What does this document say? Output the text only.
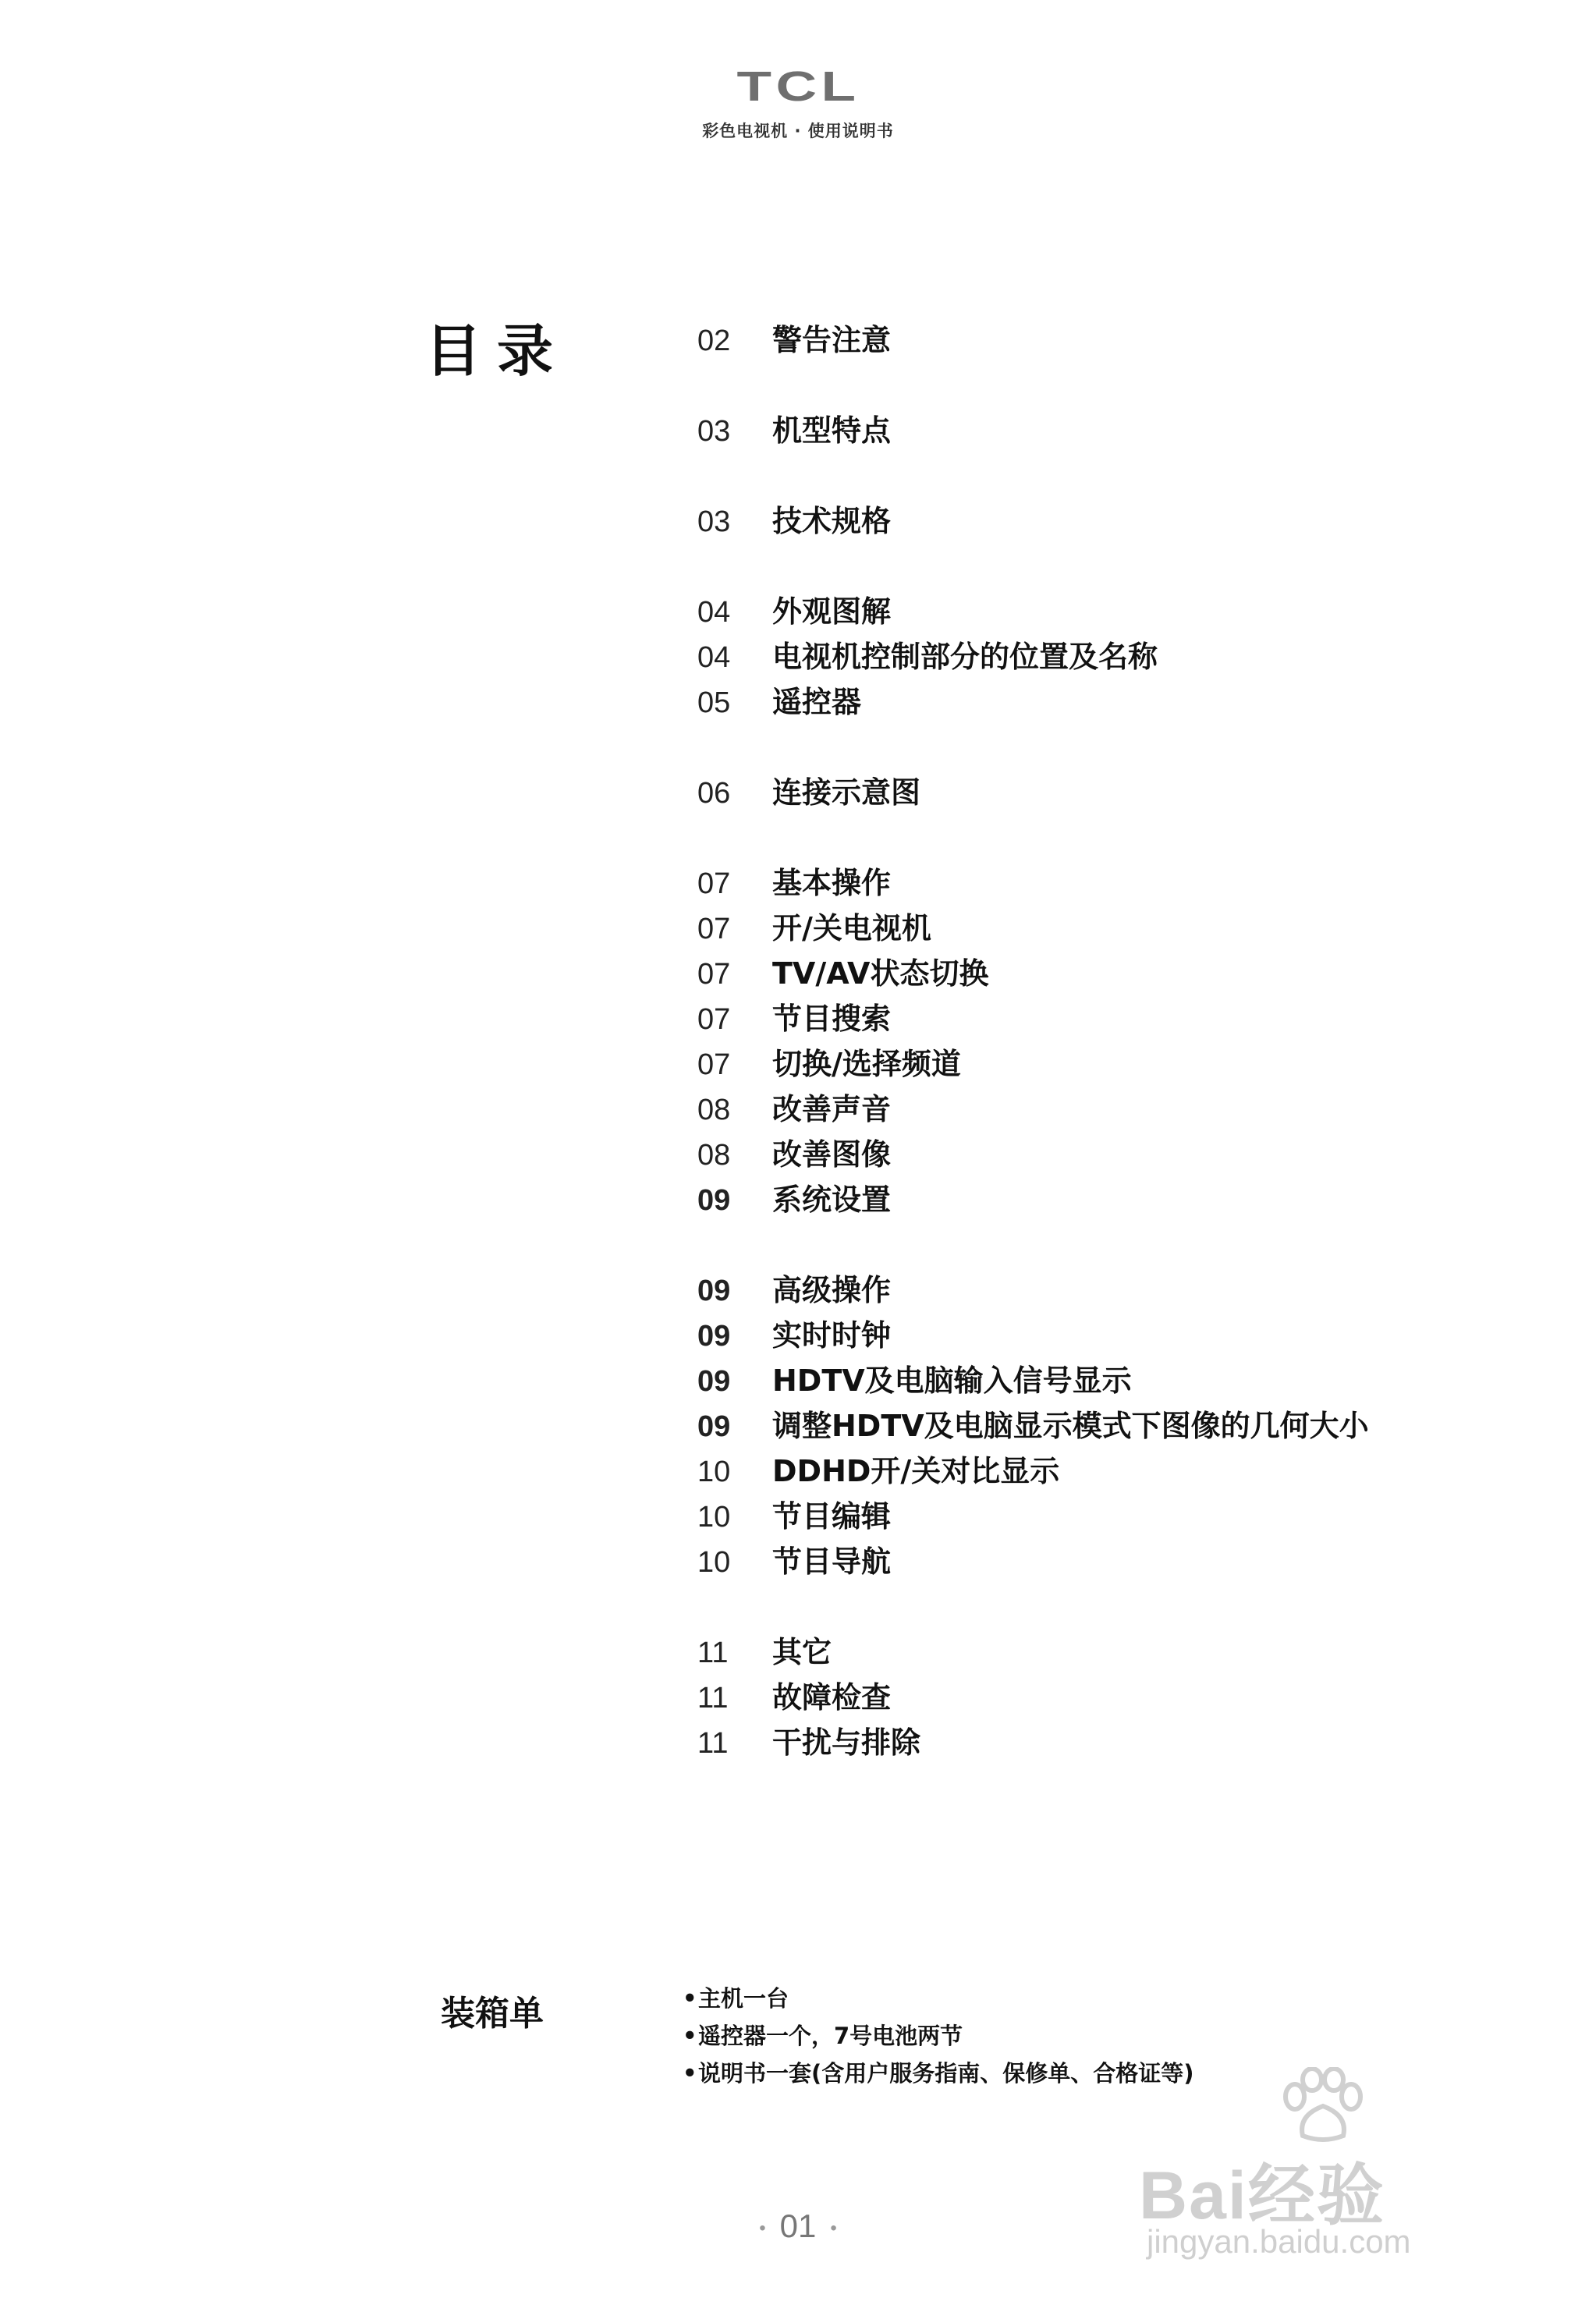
TCL
彩色电视机 · 使用说明书
目录	02	警告注意
03	机型特点
03	技术规格
04	外观图解
04	电视机控制部分的位置及名称
05	遥控器
06	连接示意图
07	基本操作
07	开/关电视机
07	TV/AV状态切换
07	节目搜索
07	切换/选择频道
08	改善声音
08	改善图像
09	系统设置
09	高级操作
09	实时时钟
09	HDTV及电脑输入信号显示
09	调整HDTV及电脑显示模式下图像的几何大小
10	DDHD开/关对比显示
10	节目编辑
10	节目导航
11	其它
11	故障检查
11	干扰与排除
装箱单	•主机一台
•遥控器一个，7号电池两节
•说明书一套(含用户服务指南、保修单、合格证等)
• 01 •	Bai经验
jingyan.baidu.com
